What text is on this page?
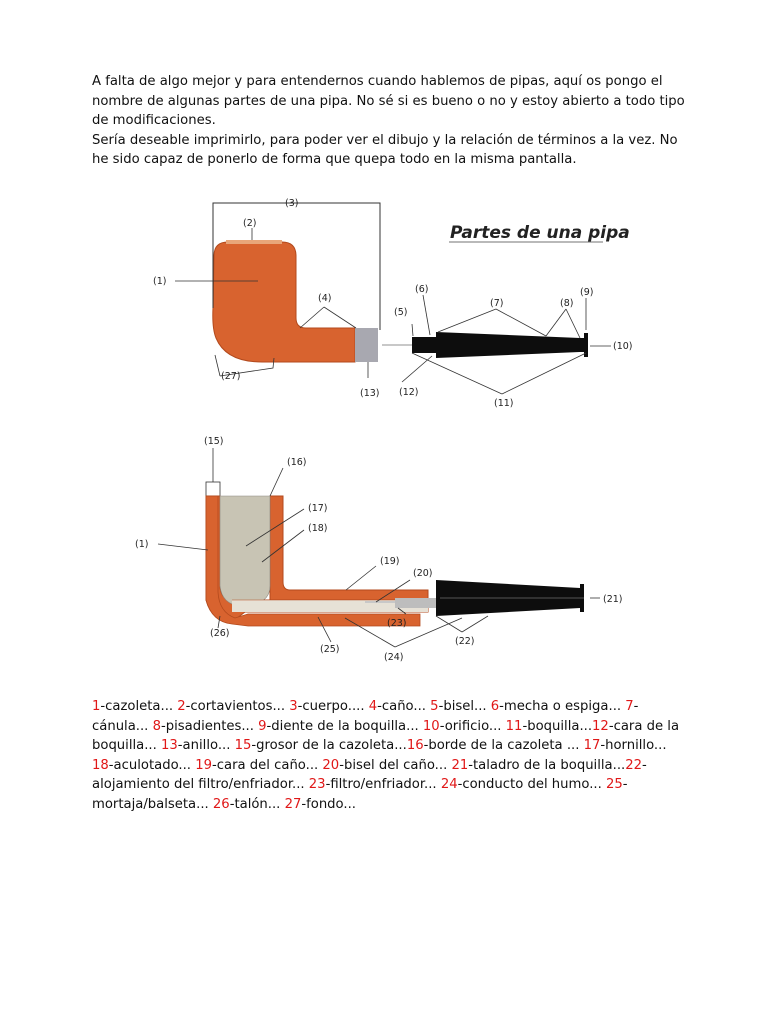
A falta de algo mejor y para entendernos cuando hablemos de pipas, aquí os pongo el nombre de algunas partes de una pipa. No sé si es bueno o no y estoy abierto a todo tipo de modificaciones.

Sería deseable imprimirlo, para poder ver el dibujo y la relación de términos a la vez. No he sido capaz de ponerlo de forma que quepa todo en la misma pantalla.

Partes de una pipa
(1)
(2)
(3)
(4)
(5)
(6)
(7)	(8)
(9)
(10)
(11)
(12)
(13)
(27)
(15)
(16)
(1)
(17)
(18)
(19)
(20)
(21)
(22)
(23)
(24)
(25)
(26)
1-cazoleta... 2-cortavientos... 3-cuerpo.... 4-caño... 5-bisel... 6-mecha o espiga... 7-cánula... 8-pisadientes... 9-diente de la boquilla... 10-orificio... 11-boquilla...12-cara de la boquilla... 13-anillo... 15-grosor de la cazoleta...16-borde de la cazoleta ... 17-hornillo... 18-aculotado... 19-cara del caño... 20-bisel del caño... 21-taladro de la boquilla...22-alojamiento del filtro/enfriador... 23-filtro/enfriador... 24-conducto del humo... 25-mortaja/balseta... 26-talón... 27-fondo...
